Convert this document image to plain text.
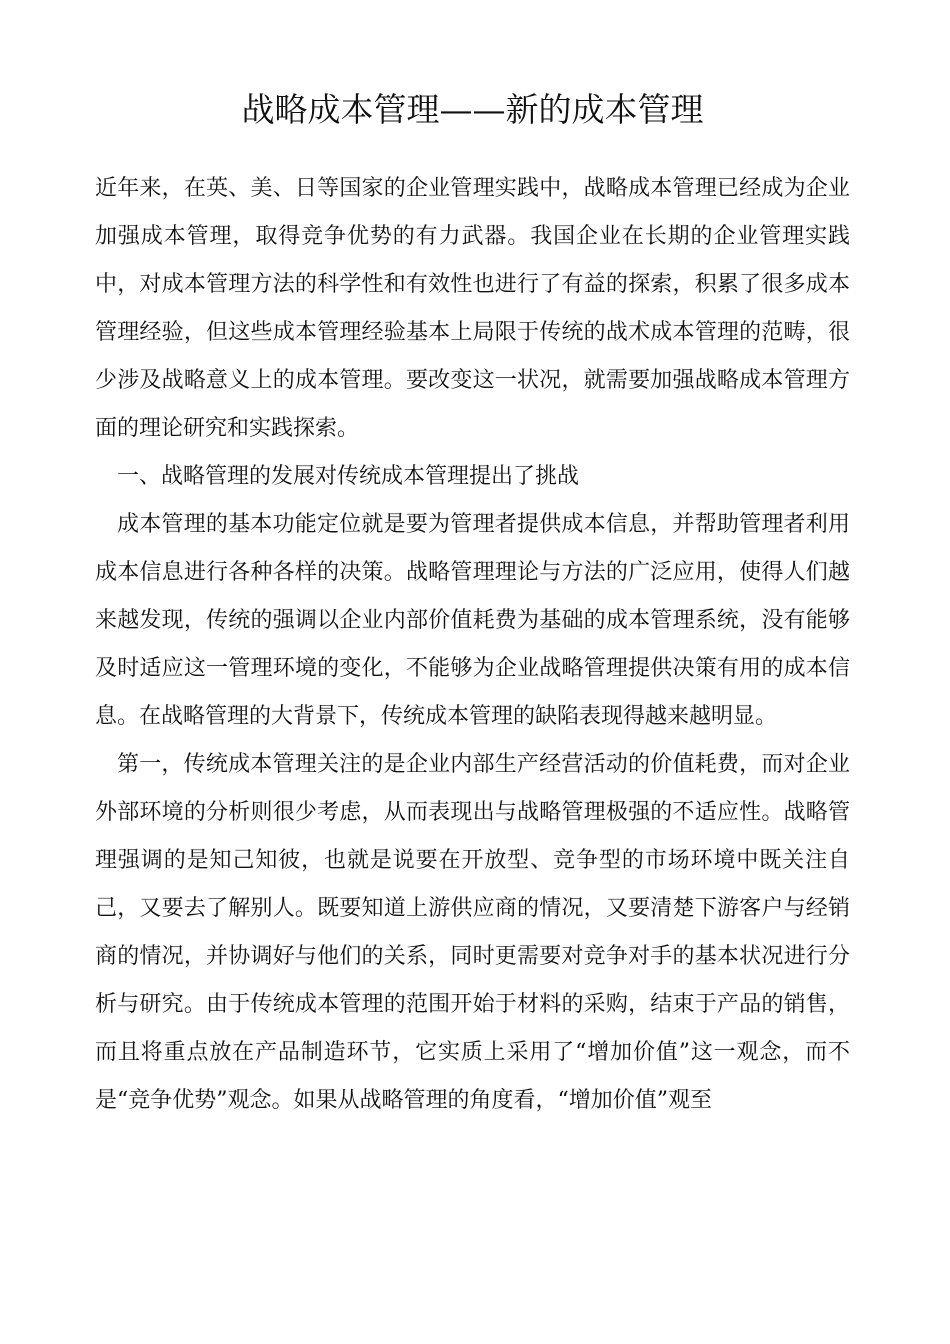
战略成本管理——新的成本管理

近年来，在英、美、日等国家的企业管理实践中，战略成本管理已经成为企业加强成本管理，取得竞争优势的有力武器。我国企业在长期的企业管理实践中，对成本管理方法的科学性和有效性也进行了有益的探索，积累了很多成本管理经验，但这些成本管理经验基本上局限于传统的战术成本管理的范畴，很少涉及战略意义上的成本管理。要改变这一状况，就需要加强战略成本管理方面的理论研究和实践探索。

一、战略管理的发展对传统成本管理提出了挑战

成本管理的基本功能定位就是要为管理者提供成本信息，并帮助管理者利用成本信息进行各种各样的决策。战略管理理论与方法的广泛应用，使得人们越来越发现，传统的强调以企业内部价值耗费为基础的成本管理系统，没有能够及时适应这一管理环境的变化，不能够为企业战略管理提供决策有用的成本信息。在战略管理的大背景下，传统成本管理的缺陷表现得越来越明显。

第一，传统成本管理关注的是企业内部生产经营活动的价值耗费，而对企业外部环境的分析则很少考虑，从而表现出与战略管理极强的不适应性。战略管理强调的是知己知彼，也就是说要在开放型、竞争型的市场环境中既关注自己，又要去了解别人。既要知道上游供应商的情况，又要清楚下游客户与经销商的情况，并协调好与他们的关系，同时更需要对竞争对手的基本状况进行分析与研究。由于传统成本管理的范围开始于材料的采购，结束于产品的销售，而且将重点放在产品制造环节，它实质上采用了“增加价值”这一观念，而不是“竞争优势”观念。如果从战略管理的角度看，“增加价值”观至
